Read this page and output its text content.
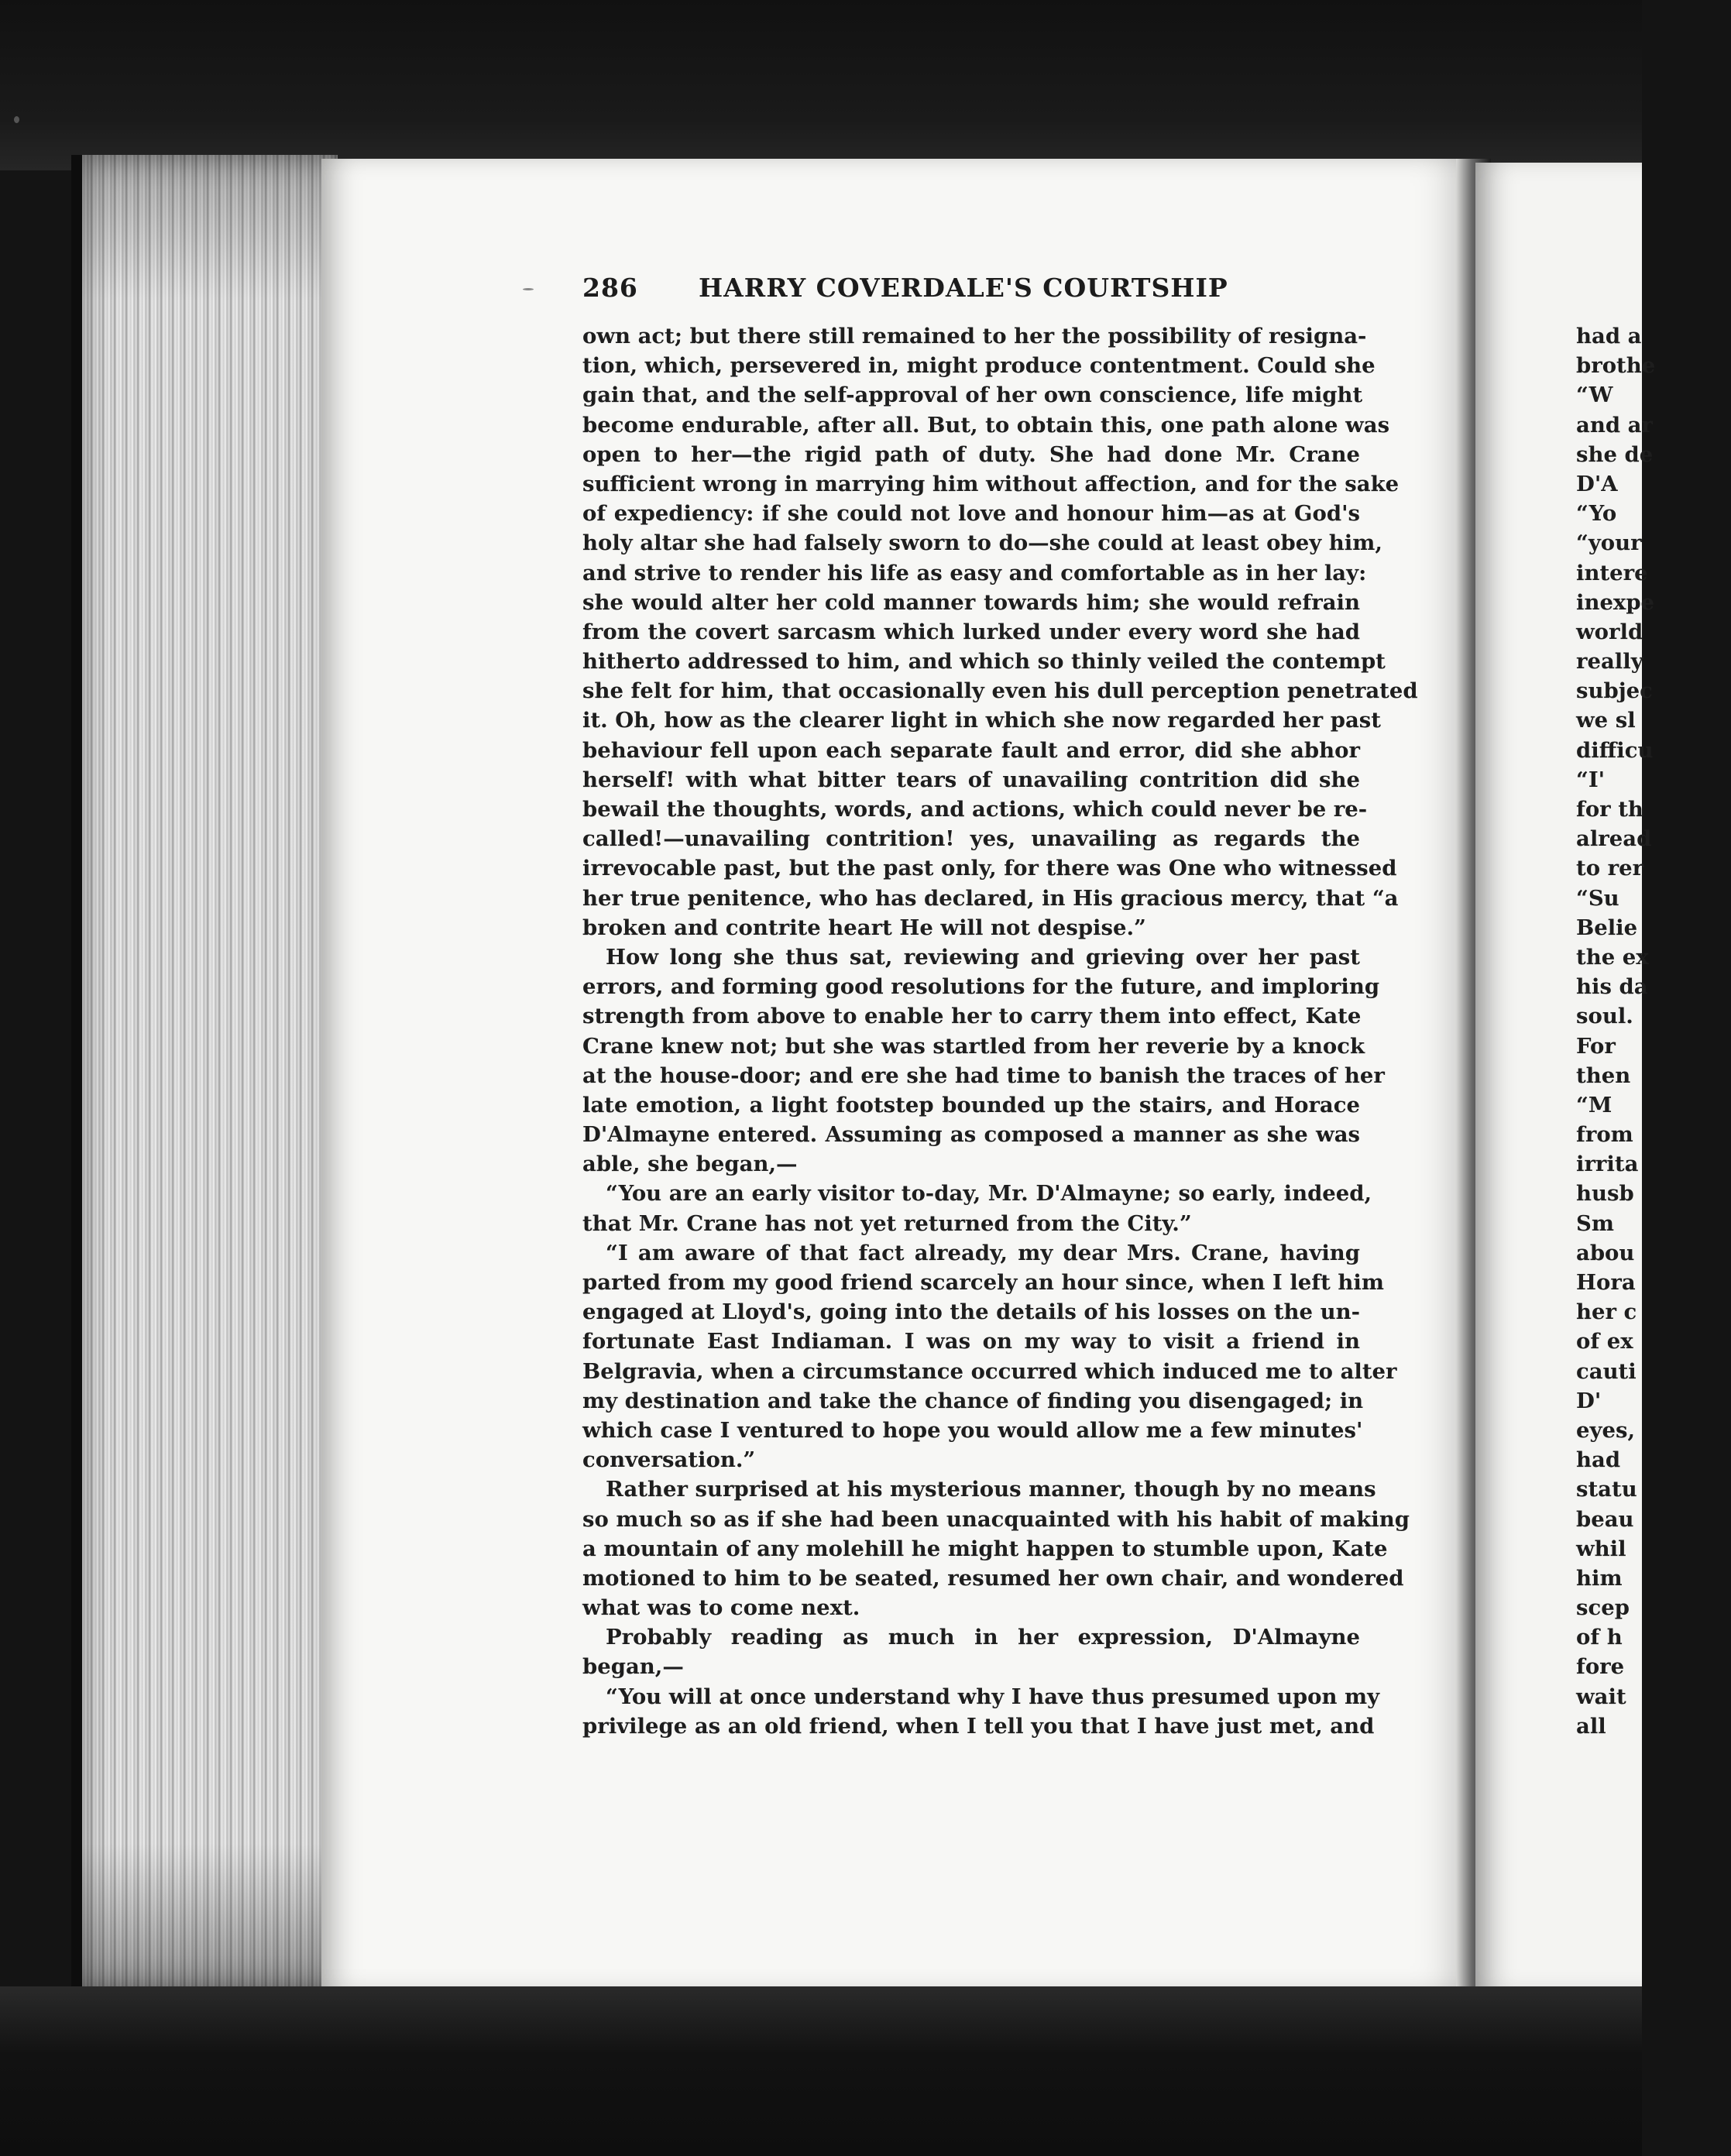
286 HARRY COVERDALE'S COURTSHIP
own act; but there still remained to her the possibility of resigna-
tion, which, persevered in, might produce contentment. Could she
gain that, and the self-approval of her own conscience, life might
become endurable, after all. But, to obtain this, one path alone was
open to her—the rigid path of duty. She had done Mr. Crane
sufficient wrong in marrying him without affection, and for the sake
of expediency: if she could not love and honour him—as at God's
holy altar she had falsely sworn to do—she could at least obey him,
and strive to render his life as easy and comfortable as in her lay:
she would alter her cold manner towards him; she would refrain
from the covert sarcasm which lurked under every word she had
hitherto addressed to him, and which so thinly veiled the contempt
she felt for him, that occasionally even his dull perception penetrated
it. Oh, how as the clearer light in which she now regarded her past
behaviour fell upon each separate fault and error, did she abhor
herself! with what bitter tears of unavailing contrition did she
bewail the thoughts, words, and actions, which could never be re-
called!—unavailing contrition! yes, unavailing as regards the
irrevocable past, but the past only, for there was One who witnessed
her true penitence, who has declared, in His gracious mercy, that “a
broken and contrite heart He will not despise.”
How long she thus sat, reviewing and grieving over her past
errors, and forming good resolutions for the future, and imploring
strength from above to enable her to carry them into effect, Kate
Crane knew not; but she was startled from her reverie by a knock
at the house-door; and ere she had time to banish the traces of her
late emotion, a light footstep bounded up the stairs, and Horace
D'Almayne entered. Assuming as composed a manner as she was
able, she began,—
“You are an early visitor to-day, Mr. D'Almayne; so early, indeed,
that Mr. Crane has not yet returned from the City.”
“I am aware of that fact already, my dear Mrs. Crane, having
parted from my good friend scarcely an hour since, when I left him
engaged at Lloyd's, going into the details of his losses on the un-
fortunate East Indiaman. I was on my way to visit a friend in
Belgravia, when a circumstance occurred which induced me to alter
my destination and take the chance of finding you disengaged; in
which case I ventured to hope you would allow me a few minutes'
conversation.”
Rather surprised at his mysterious manner, though by no means
so much so as if she had been unacquainted with his habit of making
a mountain of any molehill he might happen to stumble upon, Kate
motioned to him to be seated, resumed her own chair, and wondered
what was to come next.
Probably reading as much in her expression, D'Almayne
began,—
“You will at once understand why I have thus presumed upon my
privilege as an old friend, when I tell you that I have just met, and
had a
brothe
“W
and ar
she de
D'A
“Yo
“your
intere
inexpe
world
really
subjec
we sl
difficu
“I'
for th
alread
to rer
“Su
Belie
the ex
his da
soul.
For
then
“M
from
irrita
husb
Sm
abou
Hora
her c
of ex
cauti
D'
eyes,
had
statu
beau
whil
him
scep
of h
fore
wait
all
